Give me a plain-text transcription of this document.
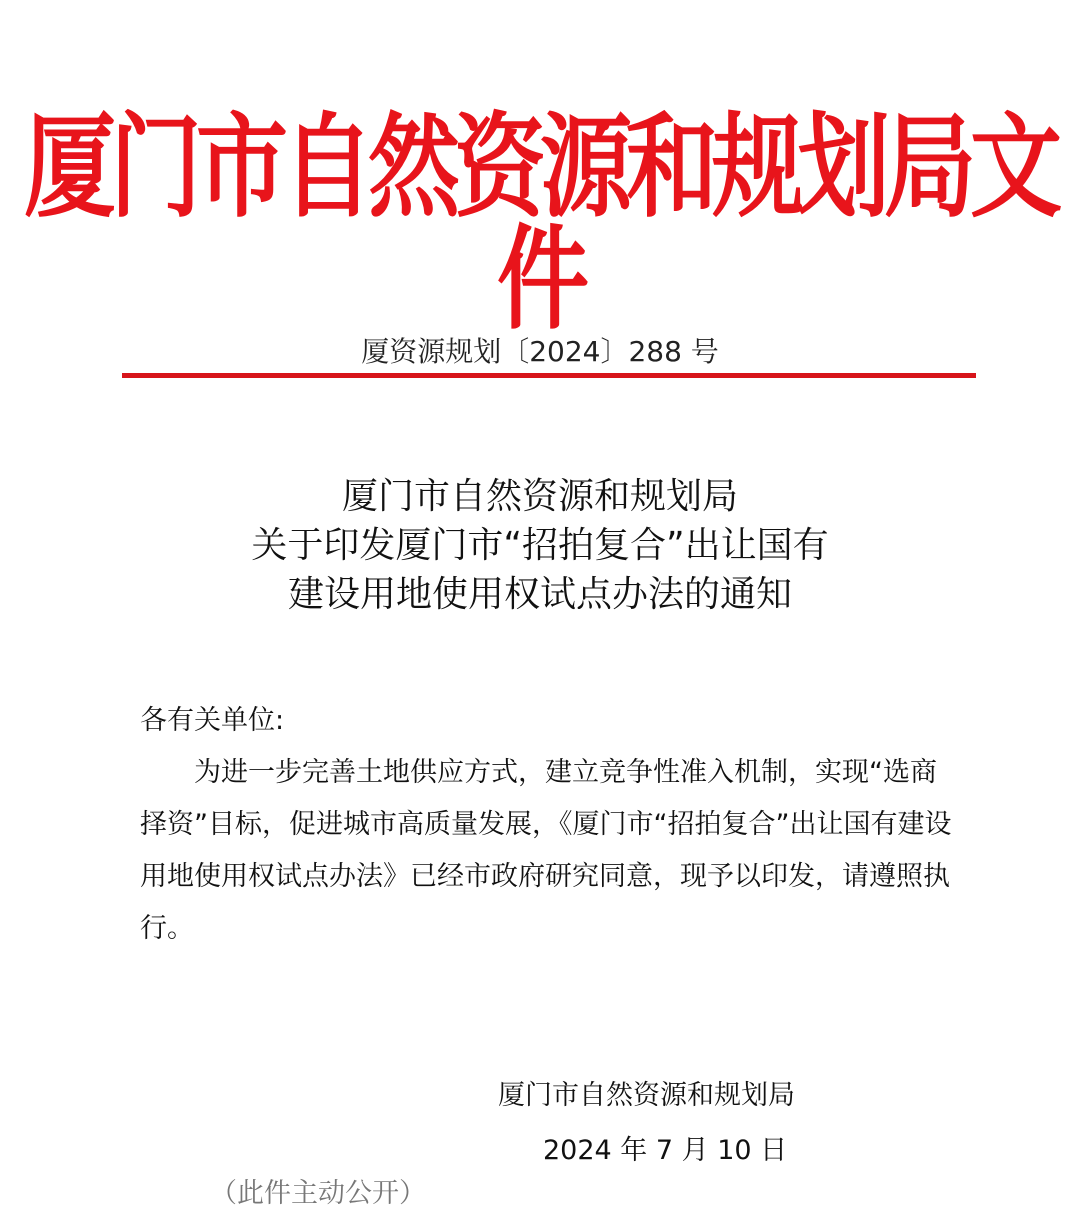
厦门市自然资源和规划局文件
厦资源规划〔2024〕288 号
厦门市自然资源和规划局
关于印发厦门市“招拍复合”出让国有
建设用地使用权试点办法的通知

各有关单位:

为进一步完善土地供应方式，建立竞争性准入机制，实现“选商择资”目标，促进城市高质量发展，《厦门市“招拍复合”出让国有建设用地使用权试点办法》已经市政府研究同意，现予以印发，请遵照执行。

厦门市自然资源和规划局
2024 年 7 月 10 日
（此件主动公开）
